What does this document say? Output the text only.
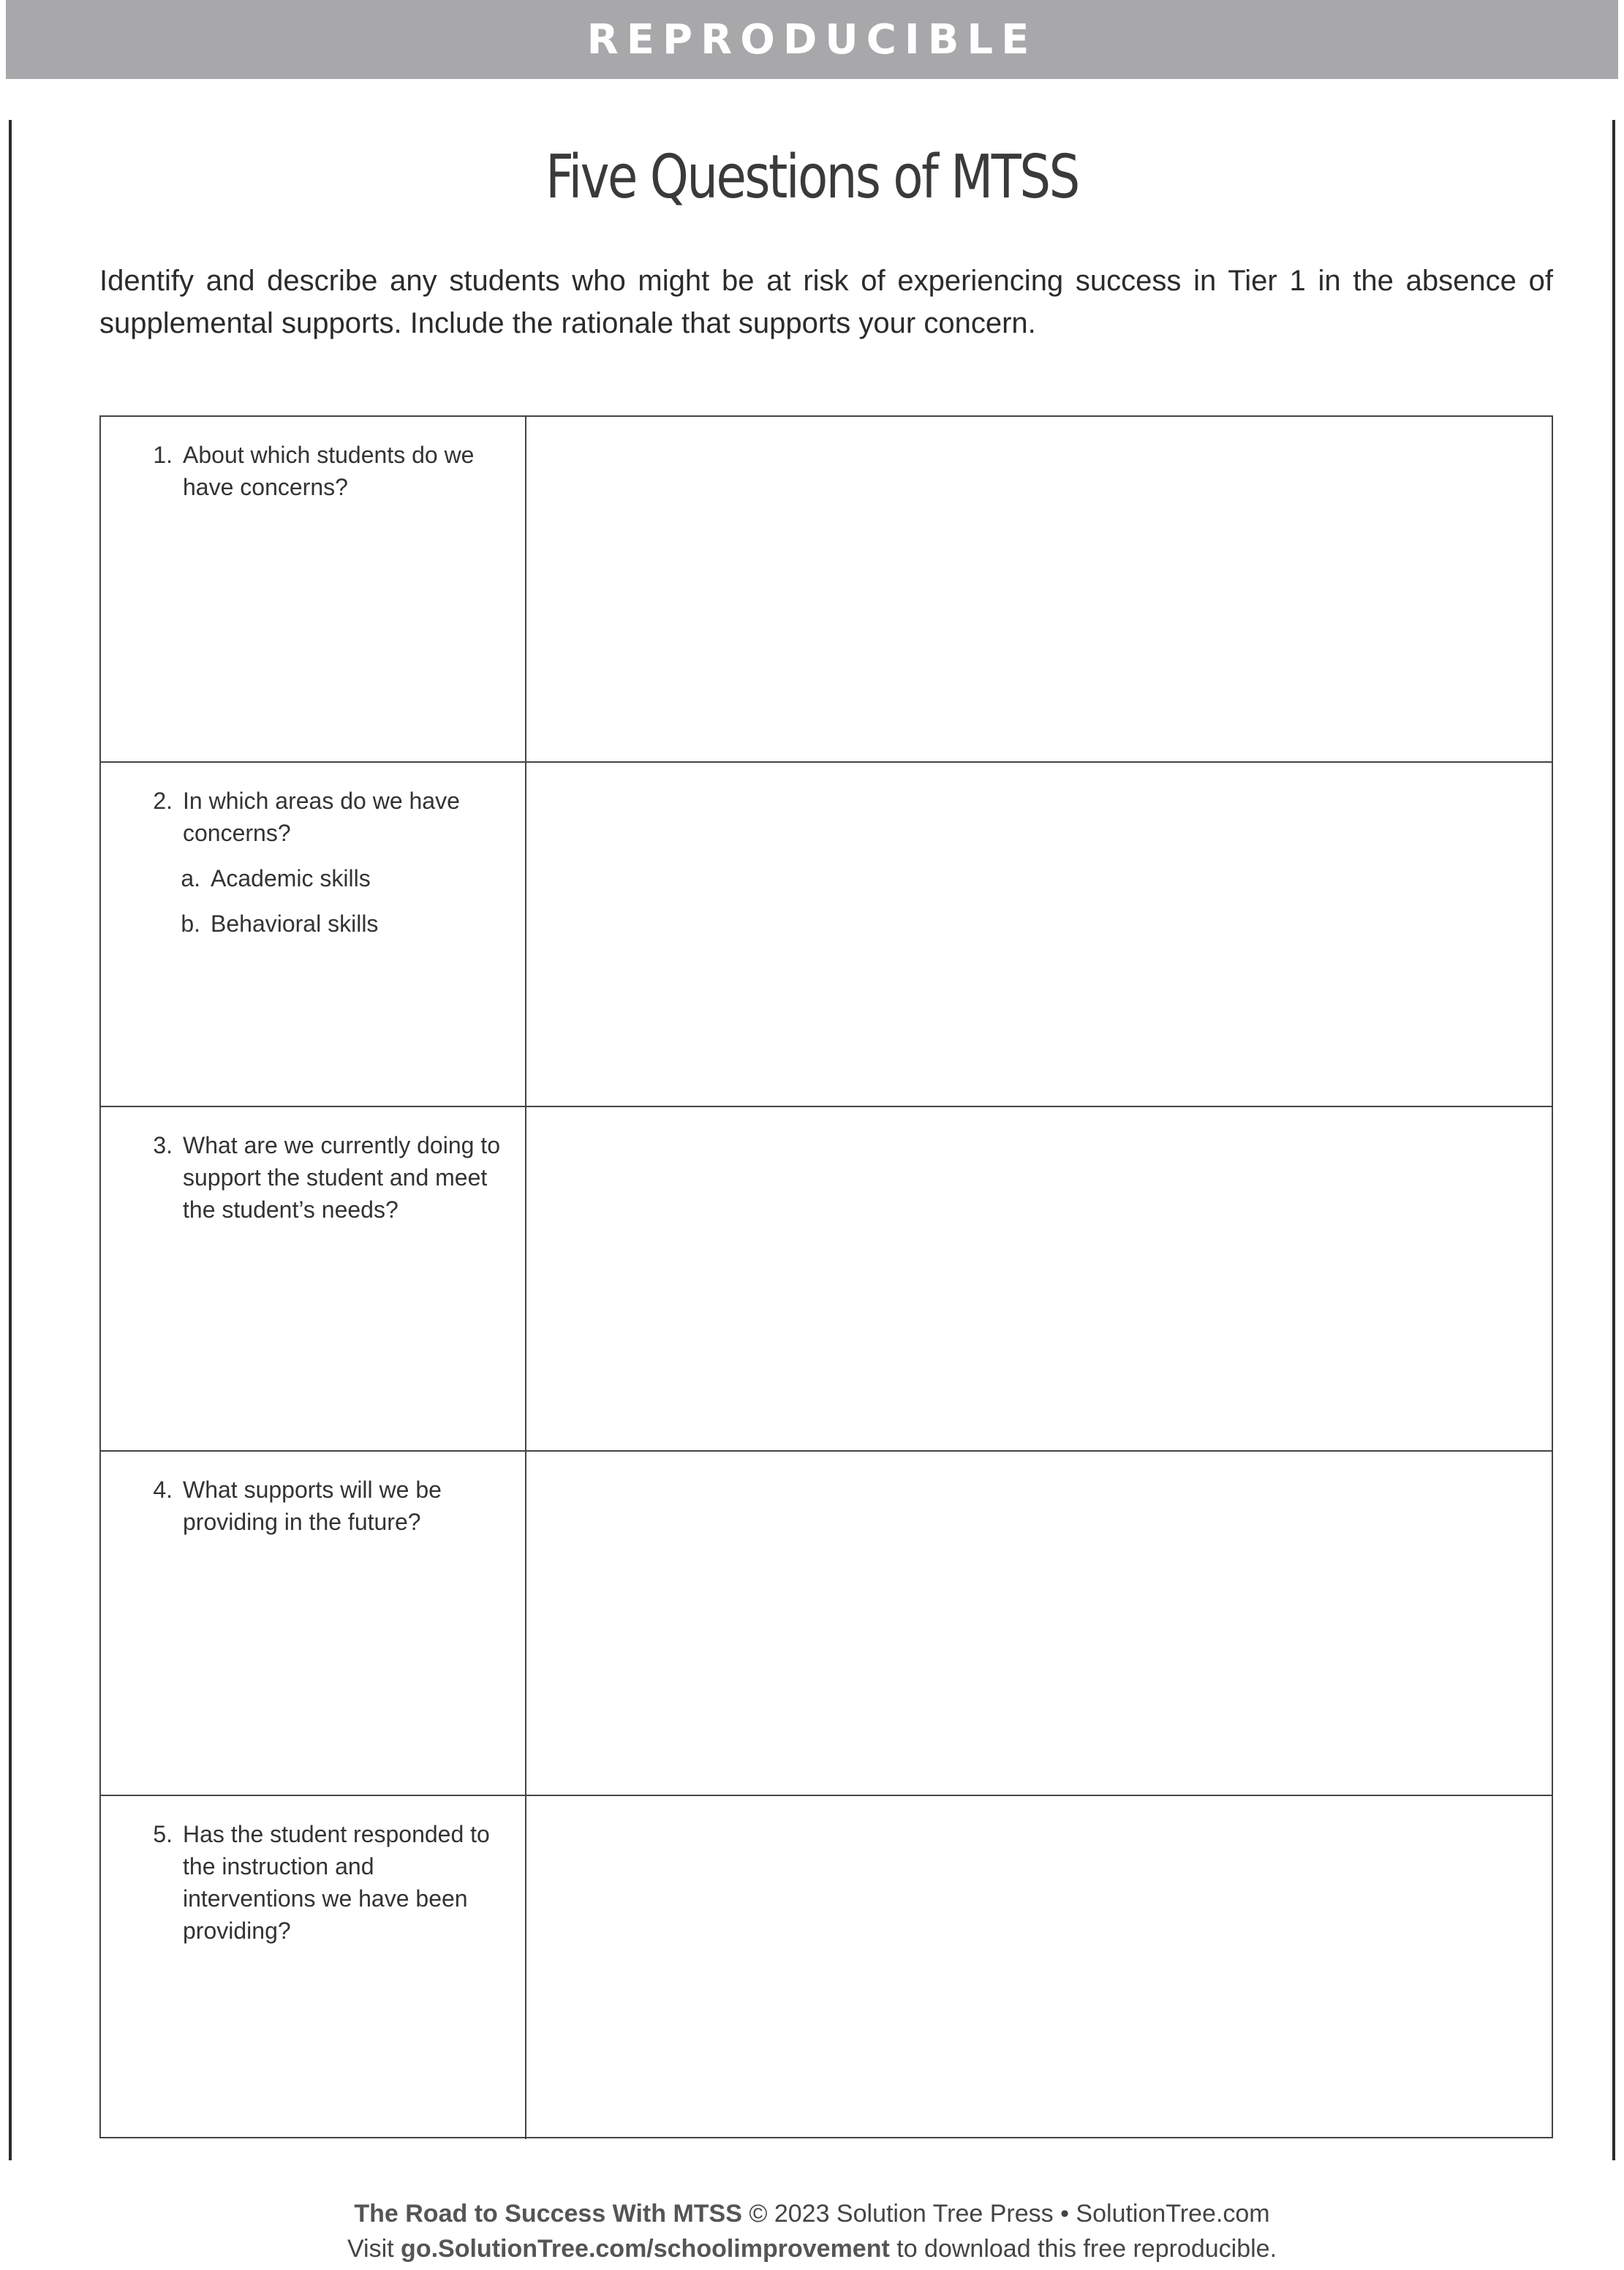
REPRODUCIBLE
Five Questions of MTSS
Identify and describe any students who might be at risk of experiencing success in Tier 1 in the absence of supplemental supports. Include the rationale that supports your concern.
1. About which students do we have concerns?
2. In which areas do we have concerns?
a. Academic skills
b. Behavioral skills
3. What are we currently doing to support the student and meet the student’s needs?
4. What supports will we be providing in the future?
5. Has the student responded to the instruction and interventions we have been providing?
The Road to Success With MTSS © 2023 Solution Tree Press • SolutionTree.com
Visit go.SolutionTree.com/schoolimprovement to download this free reproducible.
